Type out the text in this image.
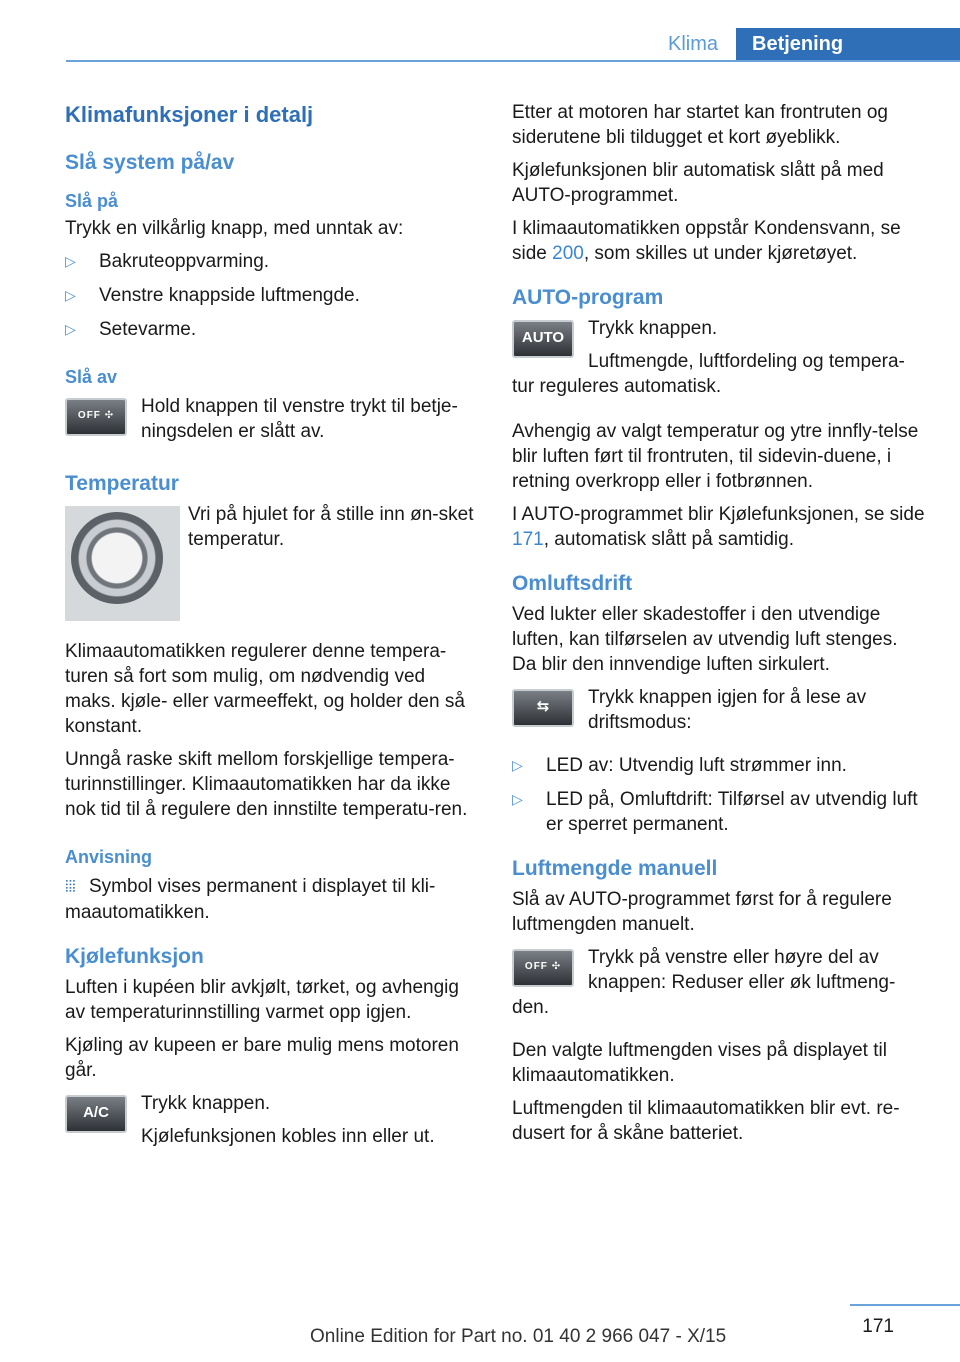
Klima	Betjening
Klimafunksjoner i detalj
Slå system på/av
Slå på

Trykk en vilkårlig knapp, med unntak av:

▷ Bakruteoppvarming.
▷ Venstre knappside luftmengde.
▷ Setevarme.
Slå av
OFF ✣	Hold knappen til venstre trykt til betje-ningsdelen er slått av.

Temperatur

Vri på hjulet for å stille inn øn-sket temperatur.

Klimaautomatikken regulerer denne tempera-turen så fort som mulig, om nødvendig ved maks. kjøle- eller varmeeffekt, og holder den så konstant.

Unngå raske skift mellom forskjellige tempera-turinnstillinger. Klimaautomatikken har da ikke nok tid til å regulere den innstilte temperatu-ren.

Anvisning

⦙⦙⦙ Symbol vises permanent i displayet til kli-maautomatikken.

Kjølefunksjon

Luften i kupéen blir avkjølt, tørket, og avhengig av temperaturinnstilling varmet opp igjen.

Kjøling av kupeen er bare mulig mens motoren går.

A/C	Trykk knappen.

Kjølefunksjonen kobles inn eller ut.

Etter at motoren har startet kan frontruten og siderutene bli tildugget et kort øyeblikk.

Kjølefunksjonen blir automatisk slått på med AUTO-programmet.

I klimaautomatikken oppstår Kondensvann, se side 200, som skilles ut under kjøretøyet.

AUTO-program
AUTO	Trykk knappen.

Luftmengde, luftfordeling og tempera-tur reguleres automatisk.

Avhengig av valgt temperatur og ytre innfly-telse blir luften ført til frontruten, til sidevin-duene, i retning overkropp eller i fotbrønnen.

I AUTO-programmet blir Kjølefunksjonen, se side 171, automatisk slått på samtidig.

Omluftsdrift

Ved lukter eller skadestoffer i den utvendige luften, kan tilførselen av utvendig luft stenges. Da blir den innvendige luften sirkulert.

⇆	Trykk knappen igjen for å lese av driftsmodus:

▷ LED av: Utvendig luft strømmer inn.
▷ LED på, Omluftdrift: Tilførsel av utvendig luft er sperret permanent.
Luftmengde manuell

Slå av AUTO-programmet først for å regulere luftmengden manuelt.

OFF ✣	Trykk på venstre eller høyre del av knappen: Reduser eller øk luftmeng-den.

Den valgte luftmengden vises på displayet til klimaautomatikken.

Luftmengden til klimaautomatikken blir evt. re-dusert for å skåne batteriet.

171
Online Edition for Part no. 01 40 2 966 047 - X/15
